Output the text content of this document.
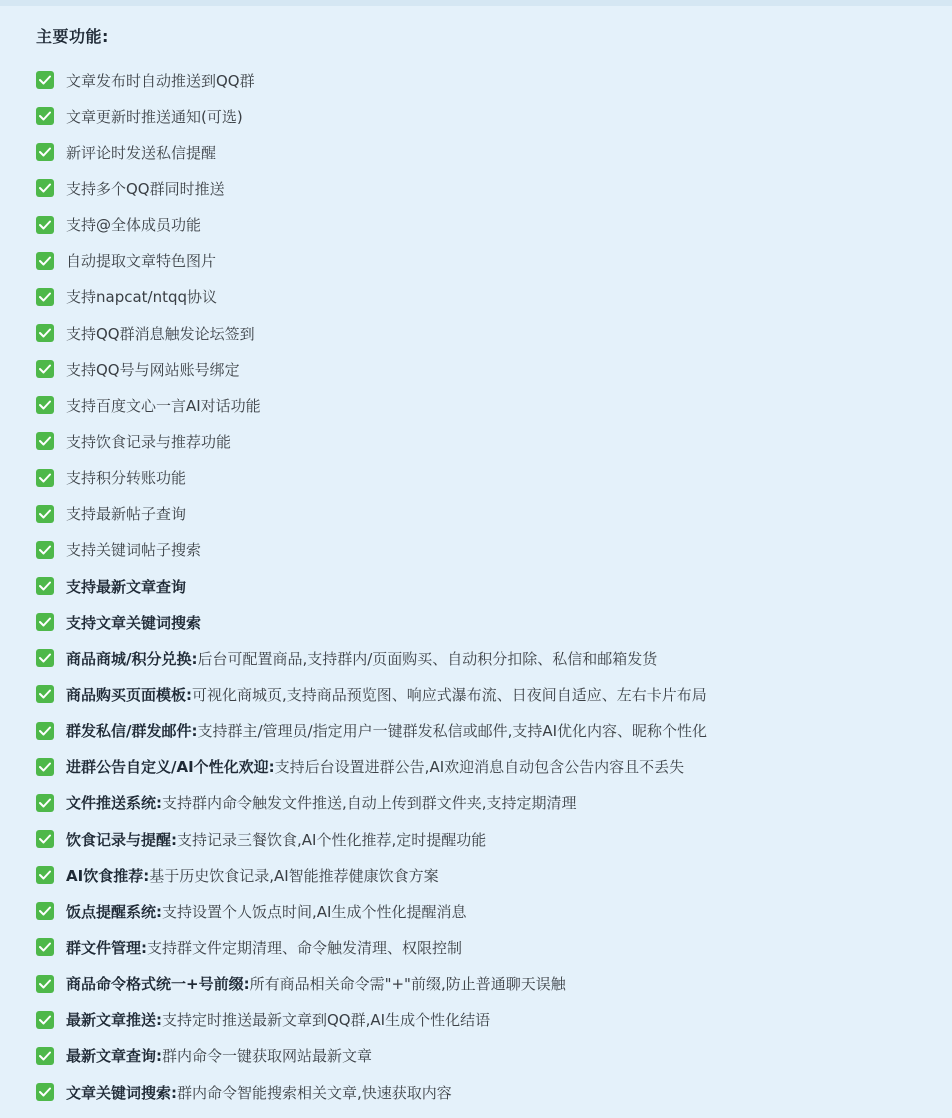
主要功能:
文章发布时自动推送到QQ群
文章更新时推送通知(可选)
新评论时发送私信提醒
支持多个QQ群同时推送
支持@全体成员功能
自动提取文章特色图片
支持napcat/ntqq协议
支持QQ群消息触发论坛签到
支持QQ号与网站账号绑定
支持百度文心一言AI对话功能
支持饮食记录与推荐功能
支持积分转账功能
支持最新帖子查询
支持关键词帖子搜索
支持最新文章查询
支持文章关键词搜索
商品商城/积分兑换: 后台可配置商品,支持群内/页面购买、自动积分扣除、私信和邮箱发货
商品购买页面模板: 可视化商城页,支持商品预览图、响应式瀑布流、日夜间自适应、左右卡片布局
群发私信/群发邮件: 支持群主/管理员/指定用户一键群发私信或邮件,支持AI优化内容、昵称个性化
进群公告自定义/AI个性化欢迎: 支持后台设置进群公告,AI欢迎消息自动包含公告内容且不丢失
文件推送系统: 支持群内命令触发文件推送,自动上传到群文件夹,支持定期清理
饮食记录与提醒: 支持记录三餐饮食,AI个性化推荐,定时提醒功能
AI饮食推荐: 基于历史饮食记录,AI智能推荐健康饮食方案
饭点提醒系统: 支持设置个人饭点时间,AI生成个性化提醒消息
群文件管理: 支持群文件定期清理、命令触发清理、权限控制
商品命令格式统一+号前缀: 所有商品相关命令需"+"前缀,防止普通聊天误触
最新文章推送: 支持定时推送最新文章到QQ群,AI生成个性化结语
最新文章查询: 群内命令一键获取网站最新文章
文章关键词搜索: 群内命令智能搜索相关文章,快速获取内容
